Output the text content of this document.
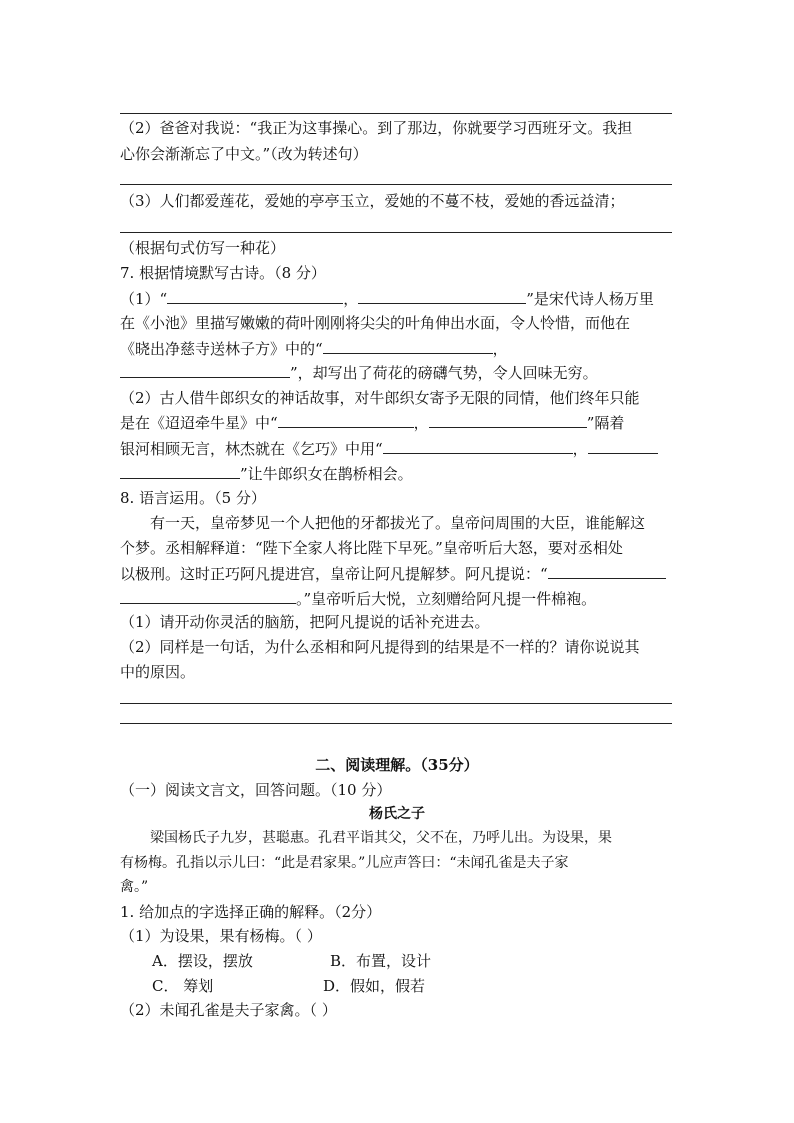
（2）爸爸对我说：“我正为这事操心。到了那边，你就要学习西班牙文。我担
心你会渐渐忘了中文。”（改为转述句）
（3）人们都爱莲花，爱她的亭亭玉立，爱她的不蔓不枝，爱她的香远益清；
（根据句式仿写一种花）
7. 根据情境默写古诗。（8 分）
（1）“	，	”是宋代诗人杨万里
在《小池》里描写嫩嫩的荷叶刚刚将尖尖的叶角伸出水面，令人怜惜，而他在
《晓出净慈寺送林子方》中的“	，
”，却写出了荷花的磅礴气势，令人回味无穷。
（2）古人借牛郎织女的神话故事，对牛郎织女寄予无限的同情，他们终年只能
是在《迢迢牵牛星》中“	，	”隔着
银河相顾无言，林杰就在《乞巧》中用“	，
”让牛郎织女在鹊桥相会。
8. 语言运用。（5 分）
有一天，皇帝梦见一个人把他的牙都拔光了。皇帝问周围的大臣，谁能解这
个梦。丞相解释道：“陛下全家人将比陛下早死。”皇帝听后大怒，要对丞相处
以极刑。这时正巧阿凡提进宫，皇帝让阿凡提解梦。阿凡提说：“
。”皇帝听后大悦，立刻赠给阿凡提一件棉袍。
（1）请开动你灵活的脑筋，把阿凡提说的话补充进去。
（2）同样是一句话，为什么丞相和阿凡提得到的结果是不一样的？请你说说其
中的原因。
二、阅读理解。（35分）
（一）阅读文言文，回答问题。（10 分）
杨氏之子
梁国杨氏子九岁，甚聪惠。孔君平诣其父，父不在，乃呼儿出。为设果，果
有杨梅。孔指以示儿曰：“此是君家果。”儿应声答曰：“未闻孔雀是夫子家
禽。”
1. 给加点的字选择正确的解释。（2分）
（1）为设果，果有杨梅。（ ）
A．摆设，摆放	B．布置，设计
C． 筹划	D．假如，假若
（2）未闻孔雀是夫子家禽。（ ）
